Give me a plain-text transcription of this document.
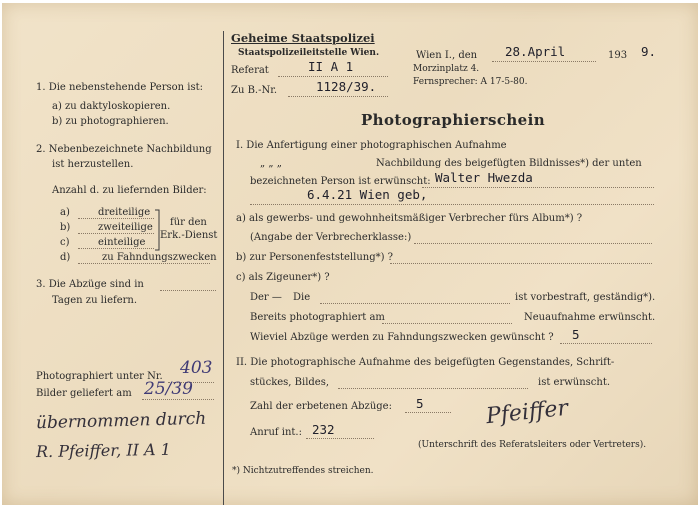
1. Die nebenstehende Person ist:
a) zu daktyloskopieren.
b) zu photographieren.
2. Nebenbezeichnete Nachbildung
ist herzustellen.
Anzahl d. zu liefernden Bilder:
a)	dreiteilige
b)	zweiteilige
c)	einteilige
d)	zu Fahndungszwecken
für den
Erk.-Dienst
3. Die Abzüge sind in
Tagen zu liefern.
Photographiert unter Nr. 403
Bilder geliefert am 25/39
übernommen durch
R. Pfeiffer, II A 1
*) Nichtzutreffendes streichen.
Geheime Staatspolizei
Staatspolizeileitstelle Wien.
Referat	II A 1
Zu B.-Nr.	1128/39.
Wien I., den 28.April	193 9.
Morzinplatz 4.
Fernsprecher: A 17-5-80.
Photographierschein
I. Die Anfertigung einer photographischen Aufnahme
„ „ „	Nachbildung des beigefügten Bildnisses*) der unten
bezeichneten Person ist erwünscht: Walter Hwezda
6.4.21 Wien geb,
a) als gewerbs- und gewohnheitsmäßiger Verbrecher fürs Album*) ?
(Angabe der Verbrecherklasse:)
b) zur Personenfeststellung*) ?
c) als Zigeuner*) ?
Der — Die	ist vorbestraft, geständig*).
Bereits photographiert am	Neuaufnahme erwünscht.
Wieviel Abzüge werden zu Fahndungszwecken gewünscht ? 5
II. Die photographische Aufnahme des beigefügten Gegenstandes, Schrift-
stückes, Bildes,	ist erwünscht.
Zahl der erbetenen Abzüge: 5
Anruf int.: 232
Pfeiffer
(Unterschrift des Referatsleiters oder Vertreters).
